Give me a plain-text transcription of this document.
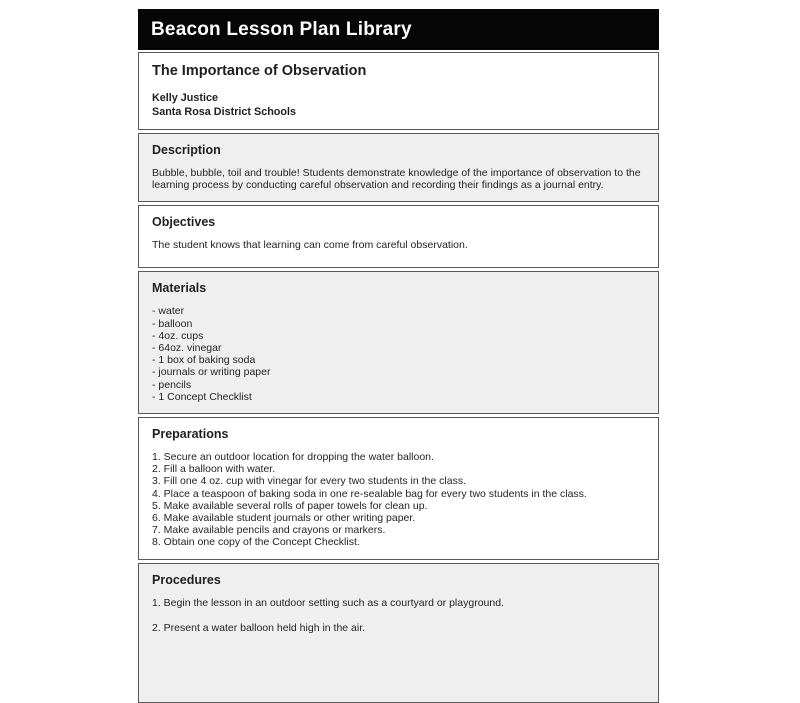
Beacon Lesson Plan Library
The Importance of Observation
Kelly Justice
Santa Rosa District Schools
Description
Bubble, bubble, toil and trouble! Students demonstrate knowledge of the importance of observation to the learning process by conducting careful observation and recording their findings as a journal entry.
Objectives
The student knows that learning can come from careful observation.
Materials
- water
- balloon
- 4oz. cups
- 64oz. vinegar
- 1 box of baking soda
- journals or writing paper
- pencils
- 1 Concept Checklist
Preparations
1. Secure an outdoor location for dropping the water balloon.
2. Fill a balloon with water.
3. Fill one 4 oz. cup with vinegar for every two students in the class.
4. Place a teaspoon of baking soda in one re-sealable bag for every two students in the class.
5. Make available several rolls of paper towels for clean up.
6. Make available student journals or other writing paper.
7. Make available pencils and crayons or markers.
8. Obtain one copy of the Concept Checklist.
Procedures
1. Begin the lesson in an outdoor setting such as a courtyard or playground.
2. Present a water balloon held high in the air.
